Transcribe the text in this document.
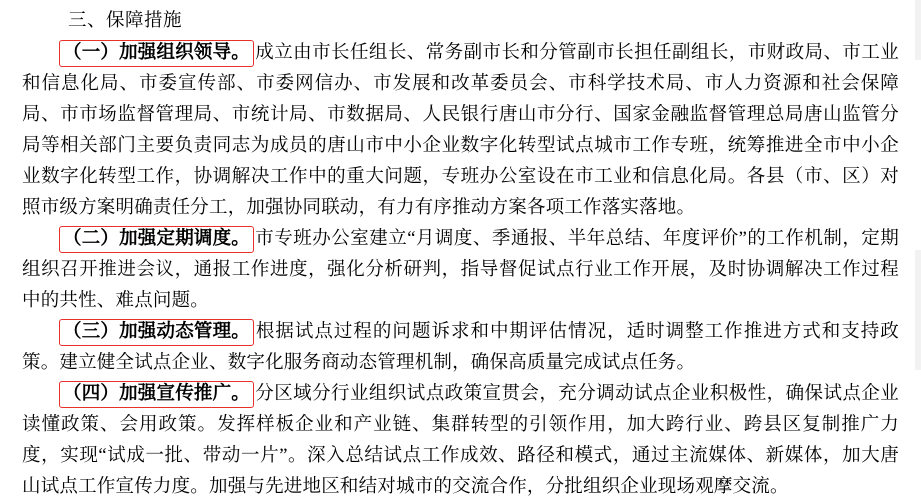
三、保障措施

（一）加强组织领导。 成立由市长任组长、常务副市长和分管副市长担任副组长，市财政局、市工业和信息化局、市委宣传部、市委网信办、市发展和改革委员会、市科学技术局、市人力资源和社会保障局、市市场监督管理局、市统计局、市数据局、人民银行唐山市分行、国家金融监督管理总局唐山监管分局等相关部门主要负责同志为成员的唐山市中小企业数字化转型试点城市工作专班，统筹推进全市中小企业数字化转型工作，协调解决工作中的重大问题，专班办公室设在市工业和信息化局。各县（市、区）对照市级方案明确责任分工，加强协同联动，有力有序推动方案各项工作落实落地。

（二）加强定期调度。 市专班办公室建立“月调度、季通报、半年总结、年度评价”的工作机制，定期组织召开推进会议，通报工作进度，强化分析研判，指导督促试点行业工作开展，及时协调解决工作过程中的共性、难点问题。

（三）加强动态管理。 根据试点过程的问题诉求和中期评估情况，适时调整工作推进方式和支持政策。建立健全试点企业、数字化服务商动态管理机制，确保高质量完成试点任务。

（四）加强宣传推广。 分区域分行业组织试点政策宣贯会，充分调动试点企业积极性，确保试点企业读懂政策、会用政策。发挥样板企业和产业链、集群转型的引领作用，加大跨行业、跨县区复制推广力度，实现“试成一批、带动一片”。深入总结试点工作成效、路径和模式，通过主流媒体、新媒体，加大唐山试点工作宣传力度。加强与先进地区和结对城市的交流合作，分批组织企业现场观摩交流。
